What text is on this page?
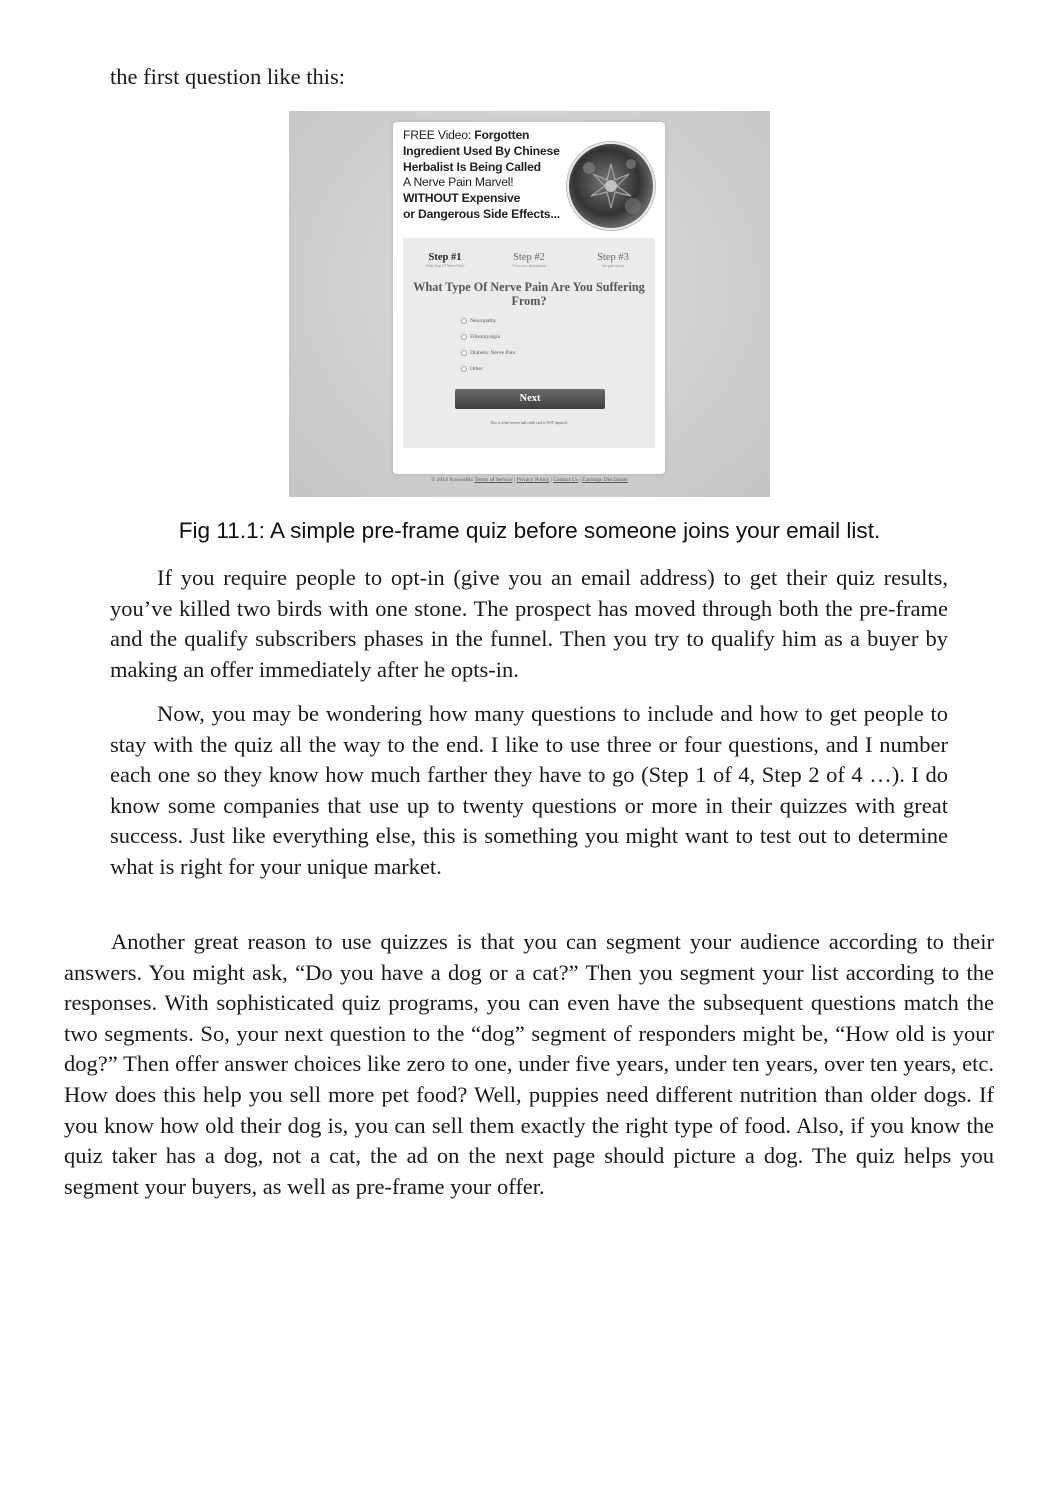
the first question like this:

FREE Video: Forgotten
Ingredient Used By Chinese
Herbalist Is Being Called
A Nerve Pain Marvel!
WITHOUT Expensive
or Dangerous Side Effects...
Step #1
What Type Of Nerve Pain?
Step #2
Get access information
Step #3
Get pain access
What Type Of Nerve Pain Are You Suffering From?
Neuropathy
Fibromyalgia
Diabetic Nerve Pain
Other
Next
This is a free service and credit card is NOT required.
© 2014 ScoveaBiz Terms of Service | Privacy Policy | Contact Us | Earnings Disclaimer

Fig 11.1: A simple pre-frame quiz before someone joins your email list.

If you require people to opt-in (give you an email address) to get their quiz results, you’ve killed two birds with one stone. The prospect has moved through both the pre-frame and the qualify subscribers phases in the funnel. Then you try to qualify him as a buyer by making an offer immediately after he opts-in.

Now, you may be wondering how many questions to include and how to get people to stay with the quiz all the way to the end. I like to use three or four questions, and I number each one so they know how much farther they have to go (Step 1 of 4, Step 2 of 4 …). I do know some companies that use up to twenty questions or more in their quizzes with great success. Just like everything else, this is something you might want to test out to determine what is right for your unique market.

Another great reason to use quizzes is that you can segment your audience according to their answers. You might ask, “Do you have a dog or a cat?” Then you segment your list according to the responses. With sophisticated quiz programs, you can even have the subsequent questions match the two segments. So, your next question to the “dog” segment of responders might be, “How old is your dog?” Then offer answer choices like zero to one, under five years, under ten years, over ten years, etc. How does this help you sell more pet food? Well, puppies need different nutrition than older dogs. If you know how old their dog is, you can sell them exactly the right type of food. Also, if you know the quiz taker has a dog, not a cat, the ad on the next page should picture a dog. The quiz helps you segment your buyers, as well as pre-frame your offer.
